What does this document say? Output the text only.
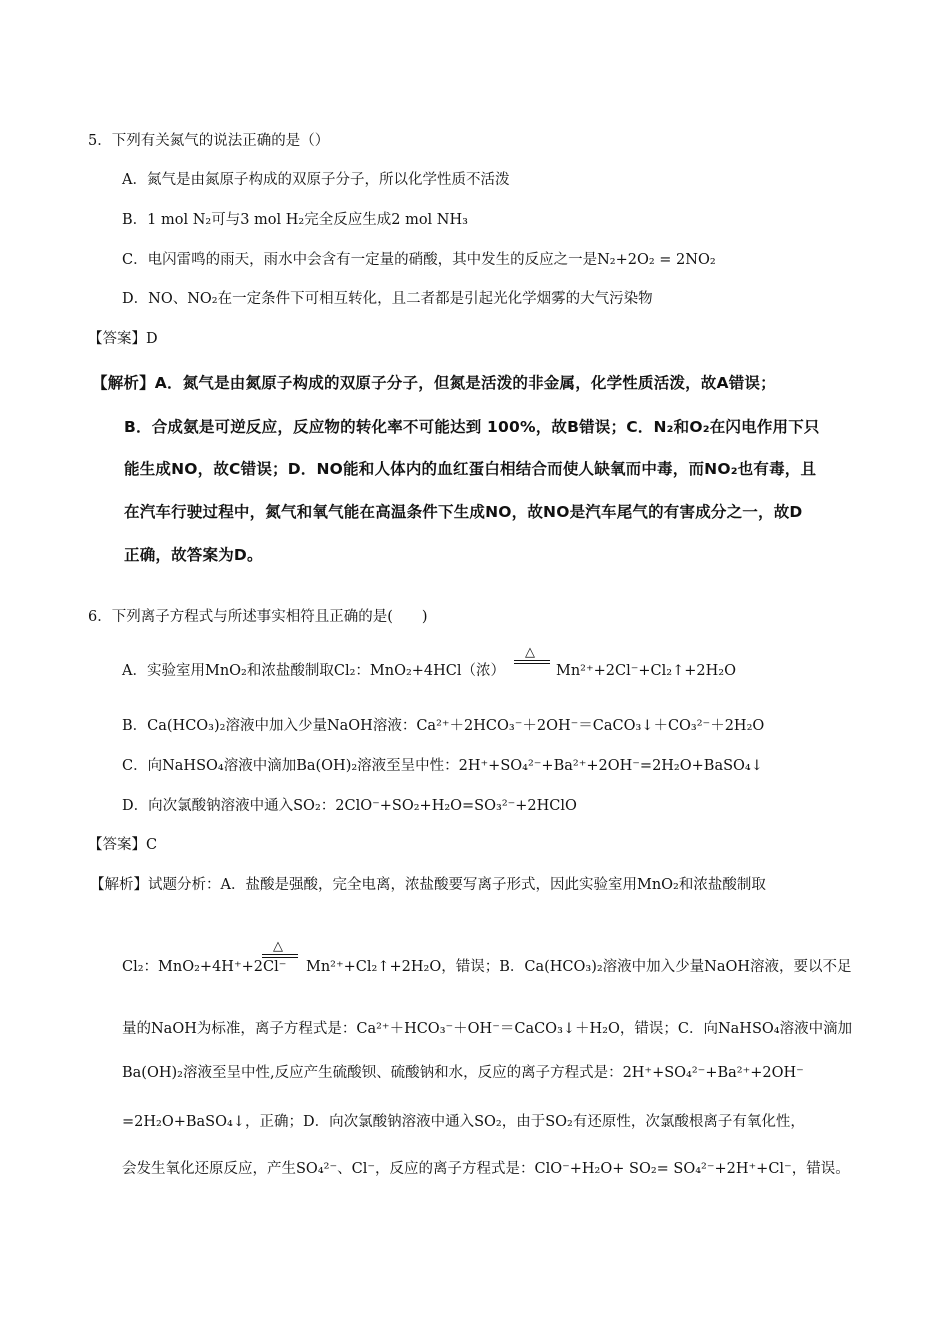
5．下列有关氮气的说法正确的是（）
A．氮气是由氮原子构成的双原子分子，所以化学性质不活泼
B．1 mol N₂可与3 mol H₂完全反应生成2 mol NH₃
C．电闪雷鸣的雨天，雨水中会含有一定量的硝酸，其中发生的反应之一是N₂+2O₂ = 2NO₂
D．NO、NO₂在一定条件下可相互转化，且二者都是引起光化学烟雾的大气污染物
【答案】D
【解析】A．氮气是由氮原子构成的双原子分子，但氮是活泼的非金属，化学性质活泼，故A错误；
B．合成氨是可逆反应，反应物的转化率不可能达到 100%，故B错误；C．N₂和O₂在闪电作用下只
能生成NO，故C错误；D．NO能和人体内的血红蛋白相结合而使人缺氧而中毒，而NO₂也有毒，且
在汽车行驶过程中，氮气和氧气能在高温条件下生成NO，故NO是汽车尾气的有害成分之一，故D
正确，故答案为D。
6．下列离子方程式与所述事实相符且正确的是(　　)
A．实验室用MnO₂和浓盐酸制取Cl₂：MnO₂+4HCl（浓）
△
Mn²⁺+2Cl⁻+Cl₂↑+2H₂O
B．Ca(HCO₃)₂溶液中加入少量NaOH溶液：Ca²⁺＋2HCO₃⁻＋2OH⁻＝CaCO₃↓＋CO₃²⁻＋2H₂O
C．向NaHSO₄溶液中滴加Ba(OH)₂溶液至呈中性：2H⁺+SO₄²⁻+Ba²⁺+2OH⁻=2H₂O+BaSO₄↓
D．向次氯酸钠溶液中通入SO₂：2ClO⁻+SO₂+H₂O=SO₃²⁻+2HClO
【答案】C
【解析】试题分析：A．盐酸是强酸，完全电离，浓盐酸要写离子形式，因此实验室用MnO₂和浓盐酸制取
Cl₂：MnO₂+4H⁺+2Cl⁻
△
Mn²⁺+Cl₂↑+2H₂O，错误；B．Ca(HCO₃)₂溶液中加入少量NaOH溶液，要以不足
量的NaOH为标准，离子方程式是：Ca²⁺＋HCO₃⁻＋OH⁻＝CaCO₃↓＋H₂O，错误；C．向NaHSO₄溶液中滴加
Ba(OH)₂溶液至呈中性,反应产生硫酸钡、硫酸钠和水，反应的离子方程式是：2H⁺+SO₄²⁻+Ba²⁺+2OH⁻
=2H₂O+BaSO₄↓，正确；D．向次氯酸钠溶液中通入SO₂，由于SO₂有还原性，次氯酸根离子有氧化性，
会发生氧化还原反应，产生SO₄²⁻、Cl⁻，反应的离子方程式是：ClO⁻+H₂O+ SO₂= SO₄²⁻+2H⁺+Cl⁻，错误。
